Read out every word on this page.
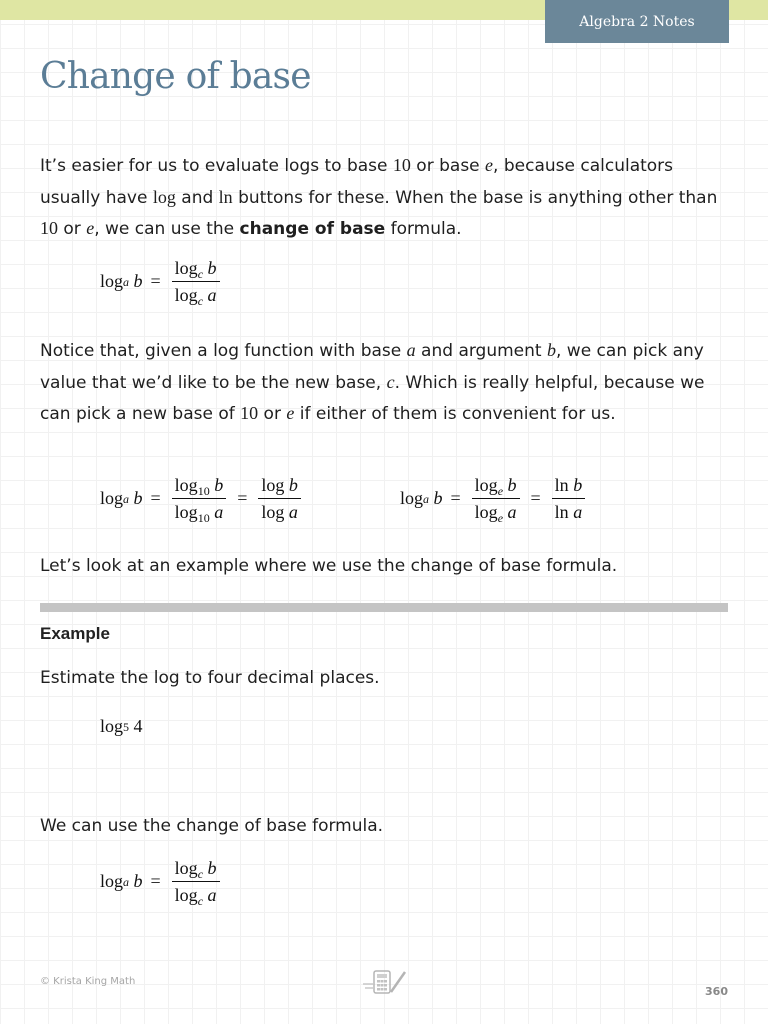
Algebra 2 Notes
Change of base

It’s easier for us to evaluate logs to base 10 or base e, because calculators usually have log and ln buttons for these. When the base is anything other than 10 or e, we can use the change of base formula.

log a
$b = \frac{\log_c b}{\log_c a}$

Notice that, given a log function with base a and argument b, we can pick any value that we’d like to be the new base, c. Which is really helpful, because we can pick a new base of 10 or e if either of them is convenient for us.

log a
$b = \frac{\log_{10} b}{\log_{10} a} = \frac{\text{log b}}{\text{log a}}$	log a
$b = \frac{\log_e b}{\log_e a} = \frac{\text{ln b}}{\text{ln a}}$

Let’s look at an example where we use the change of base formula.

Example

Estimate the log to four decimal places.

log 5
4

We can use the change of base formula.

log a
$b = \frac{\log_c b}{\log_c a}$
© Krista King Math
360
